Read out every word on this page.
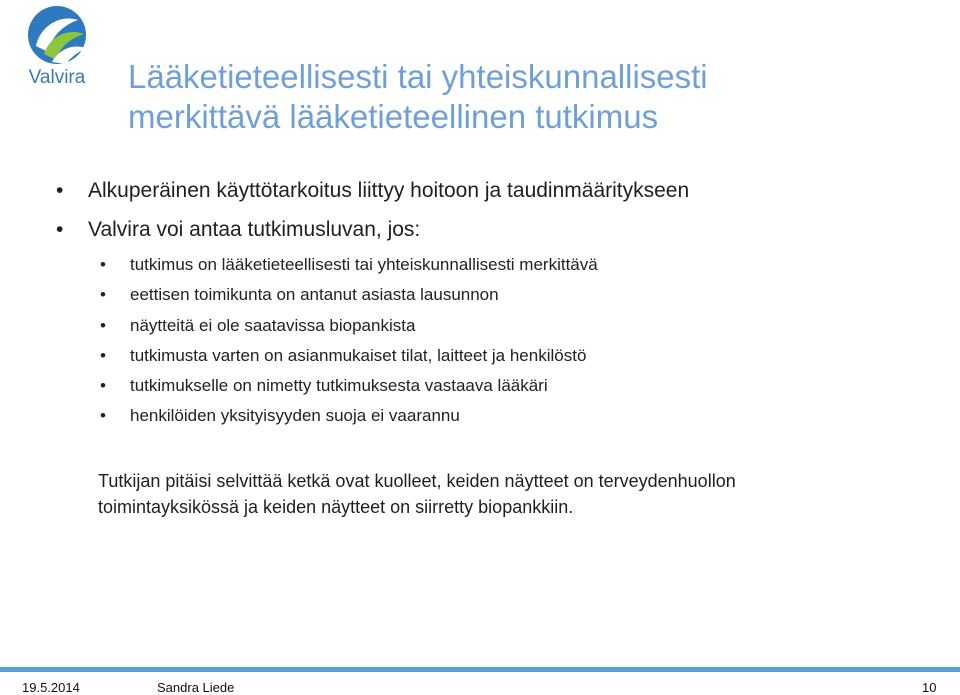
Valvira Lääketieteellisesti tai yhteiskunnallisesti
merkittävä lääketieteellinen tutkimus
• Alkuperäinen käyttötarkoitus liittyy hoitoon ja taudinmääritykseen
• Valvira voi antaa tutkimusluvan, jos:
• tutkimus on lääketieteellisesti tai yhteiskunnallisesti merkittävä
• eettisen toimikunta on antanut asiasta lausunnon
• näytteitä ei ole saatavissa biopankista
• tutkimusta varten on asianmukaiset tilat, laitteet ja henkilöstö
• tutkimukselle on nimetty tutkimuksesta vastaava lääkäri
• henkilöiden yksityisyyden suoja ei vaarannu
Tutkijan pitäisi selvittää ketkä ovat kuolleet, keiden näytteet on terveydenhuollon
toimintayksikössä ja keiden näytteet on siirretty biopankkiin.
19.5.2014	Sandra Liede	10
